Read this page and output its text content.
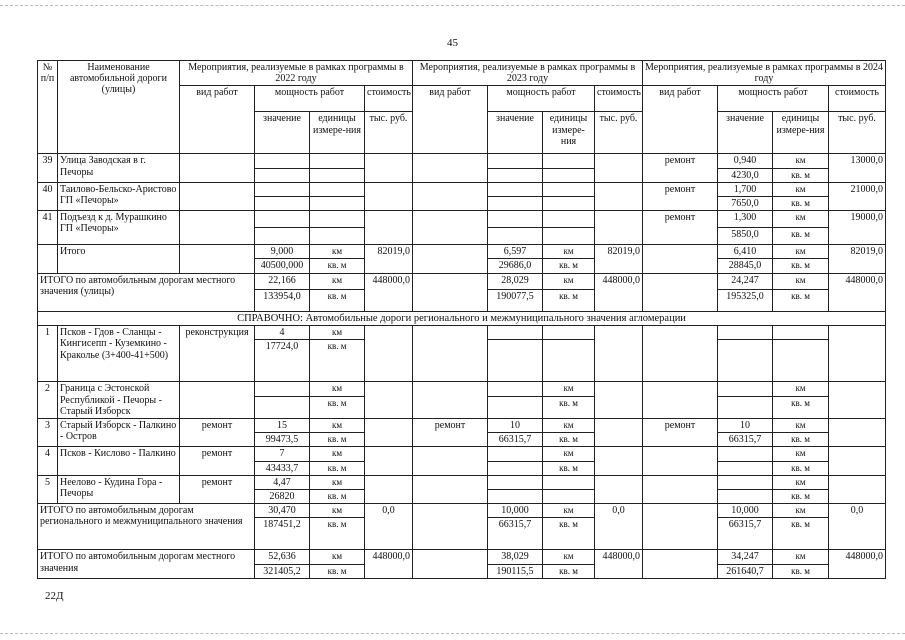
45
№ п/п	Наименование автомобильной дороги (улицы)	Мероприятия, реализуемые в рамках программы в 2022 году				Мероприятия, реализуемые в рамках программы в 2023 году				Мероприятия, реализуемые в рамках программы в 2024 году			
		вид работ	мощность работ		стоимость	вид работ	мощность работ		стоимость	вид работ	мощность работ		стоимость
			значение	единицы измере-ния	тыс. руб.		значение	единицы измере-ния	тыс. руб.		значение	единицы измере-ния	тыс. руб.
39	Улица Заводская в г. Печоры									ремонт	0,940	км	13000,0
											4230,0	кв. м	
40	Таилово-Бельско-Аристово ГП «Печоры»									ремонт	1,700	км	21000,0
											7650,0	кв. м	
41	Подъезд к д. Мурашкино ГП «Печоры»									ремонт	1,300	км	19000,0
											5850,0	кв. м	
	Итого		9,000	км	82019,0		6,597	км	82019,0		6,410	км	82019,0
			40500,000	кв. м			29686,0	кв. м			28845,0	кв. м	
ИТОГО по автомобильным дорогам местного значения (улицы)			22,166	км	448000,0		28,029	км	448000,0		24,247	км	448000,0
			133954,0	кв. м			190077,5	кв. м			195325,0	кв. м	
СПРАВОЧНО: Автомобильные дороги регионального и межмуниципального значения агломерации													
1	Псков - Гдов - Сланцы - Кингисепп - Куземкино - Краколье (3+400-41+500)	реконструкция	4	км									
			17724,0	кв. м									
2	Граница с Эстонской Республикой - Печоры - Старый Изборск			км				км				км	
				кв. м				кв. м				кв. м	
3	Старый Изборск - Палкино - Остров	ремонт	15	км		ремонт	10	км		ремонт	10	км	
			99473,5	кв. м			66315,7	кв. м			66315,7	кв. м	
4	Псков - Кислово - Палкино	ремонт	7	км				км				км	
			43433,7	кв. м				кв. м				кв. м	
5	Неелово - Кудина Гора - Печоры	ремонт	4,47	км								км	
			26820	кв. м								кв. м	
ИТОГО по автомобильным дорогам регионального и межмуниципального значения			30,470	км	0,0		10,000	км	0,0		10,000	км	0,0
			187451,2	кв. м			66315,7	кв. м			66315,7	кв. м	
ИТОГО по автомобильным дорогам местного значения			52,636	км	448000,0		38,029	км	448000,0		34,247	км	448000,0
			321405,2	кв. м			190115,5	кв. м			261640,7	кв. м	
22Д
